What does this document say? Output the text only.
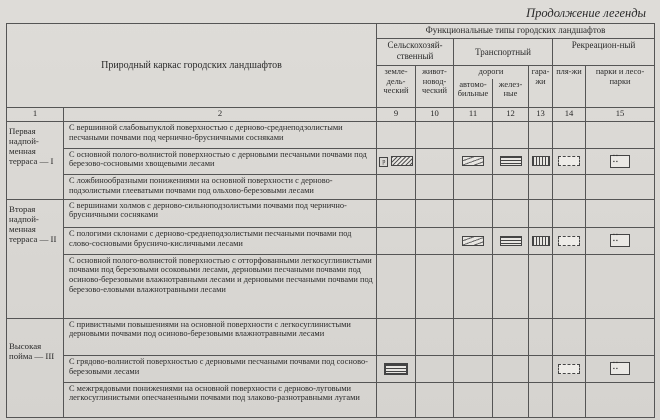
Продолжение легенды
Природный каркас городских ландшафтов		Функциональные типы городских ландшафтов						
		Сельскохозяй-ственный		Транспортный			Рекреацион-ный	
		земле-дель-ческий	живот-новод-ческий	дороги		гара-жи	пля-жи	парки и лесо-парки
				автомо-бильные	желез-ные			
1	2	9	10	11	12	13	14	15
Первая надпой-менная терраса — I	С вершинной слабовыпуклой поверхностью с дерново-среднеподзолистыми песчаными почвами под чернично-брусничными сосняками							
	С основной полого-волнистой поверхностью с дерновыми песчаными почвами под березово-сосновыми хвощевыми лесами	p						▪ ▪ ▪ ▪
	С ложбинообразными понижениями на основной поверхности с дерново-подзолистыми глееватыми почвами под ольхово-березовыми лесами							
Вторая надпой-менная терраса — II	С вершинами холмов с дерново-сильноподзолистыми почвами под чернично-брусничными сосняками							
	С пологими склонами с дерново-среднеподзолистыми песчаными почвами под слово-сосновыми брусничо-кисличными лесами							▪ ▪ ▪ ▪
	С основной полого-волнистой поверхностью с отторфованными легкосуглинистыми почвами под березовыми осоковыми лесами, дерновыми песчаными почвами под осиново-березовыми влажнотравными лесами и дерновыми песчаными почвами под березово-еловыми влажнотравными лесами							
Высокая пойма — III	С привистными повышениями на основной поверхности с легкосуглинистыми дерновыми почвами под осиново-березовыми влажнотравными лесами							
	С грядово-волнистой поверхностью с дерновыми песчаными почвами под сосново-березовыми лесами							▪ ▪ ▪ ▪
	С межгрядовыми понижениями на основной поверхности с дерново-луговыми легкосуглинистыми опесчаненными почвами под злаково-разнотравными лугами							
